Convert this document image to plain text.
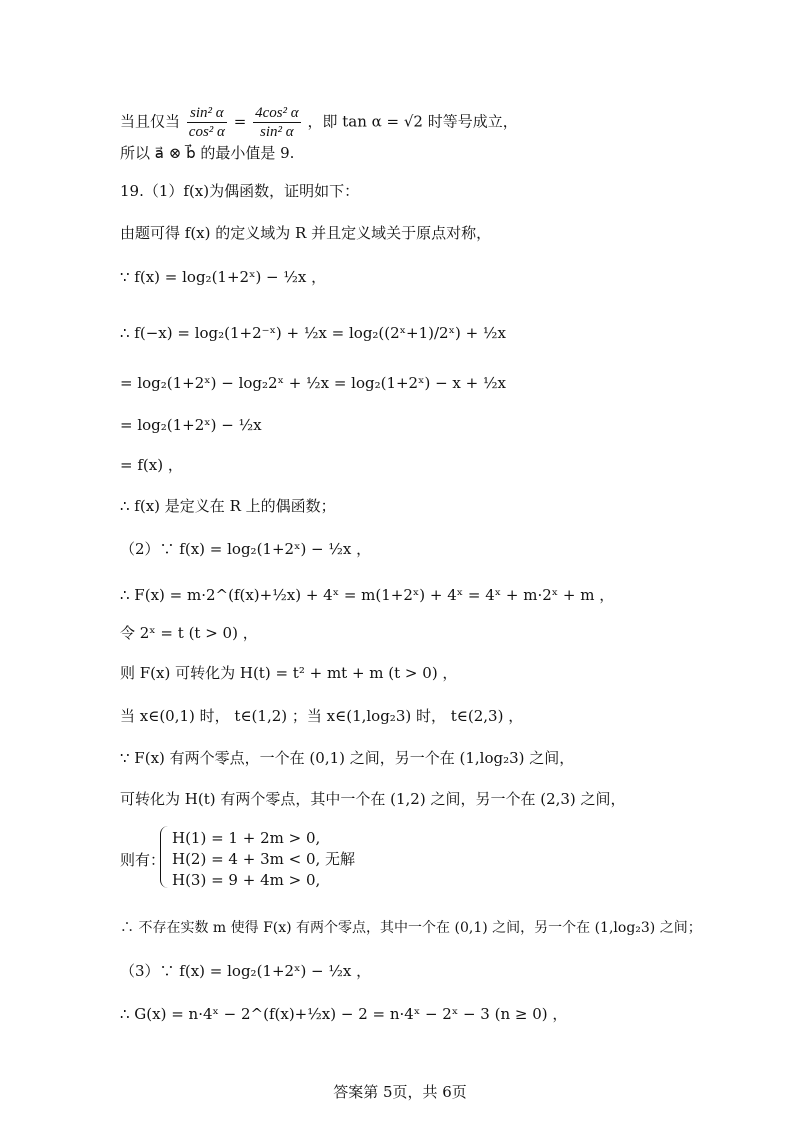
当且仅当 $\frac{\text{sin² α}}{\text{cos² α}} = \frac{\text{4cos² α}}{\text{sin² α}}$ ，即 tan α = √2 时等号成立，
所以 a⃗ ⊗ b⃗ 的最小值是 9.
19.（1）f(x)为偶函数，证明如下：
由题可得 f(x) 的定义域为 R 并且定义域关于原点对称，
∵ f(x) = log₂(1+2ˣ) − ½x ，
∴ f(−x) = log₂(1+2⁻ˣ) + ½x = log₂((2ˣ+1)/2ˣ) + ½x
= log₂(1+2ˣ) − log₂2ˣ + ½x = log₂(1+2ˣ) − x + ½x
= log₂(1+2ˣ) − ½x
= f(x) ，
∴ f(x) 是定义在 R 上的偶函数；
（2）∵ f(x) = log₂(1+2ˣ) − ½x ，
∴ F(x) = m·2^(f(x)+½x) + 4ˣ = m(1+2ˣ) + 4ˣ = 4ˣ + m·2ˣ + m ，
令 2ˣ = t (t > 0) ，
则 F(x) 可转化为 H(t) = t² + mt + m (t > 0) ，
当 x∈(0,1) 时， t∈(1,2) ；当 x∈(1,log₂3) 时， t∈(2,3) ，
∵ F(x) 有两个零点，一个在 (0,1) 之间，另一个在 (1,log₂3) 之间，
可转化为 H(t) 有两个零点，其中一个在 (1,2) 之间，另一个在 (2,3) 之间，
则有：
H(1) = 1 + 2m > 0,
H(2) = 4 + 3m < 0, 无解
H(3) = 9 + 4m > 0,
∴ 不存在实数 m 使得 F(x) 有两个零点，其中一个在 (0,1) 之间，另一个在 (1,log₂3) 之间；
（3）∵ f(x) = log₂(1+2ˣ) − ½x ，
∴ G(x) = n·4ˣ − 2^(f(x)+½x) − 2 = n·4ˣ − 2ˣ − 3 (n ≥ 0) ，
答案第 5页，共 6页
